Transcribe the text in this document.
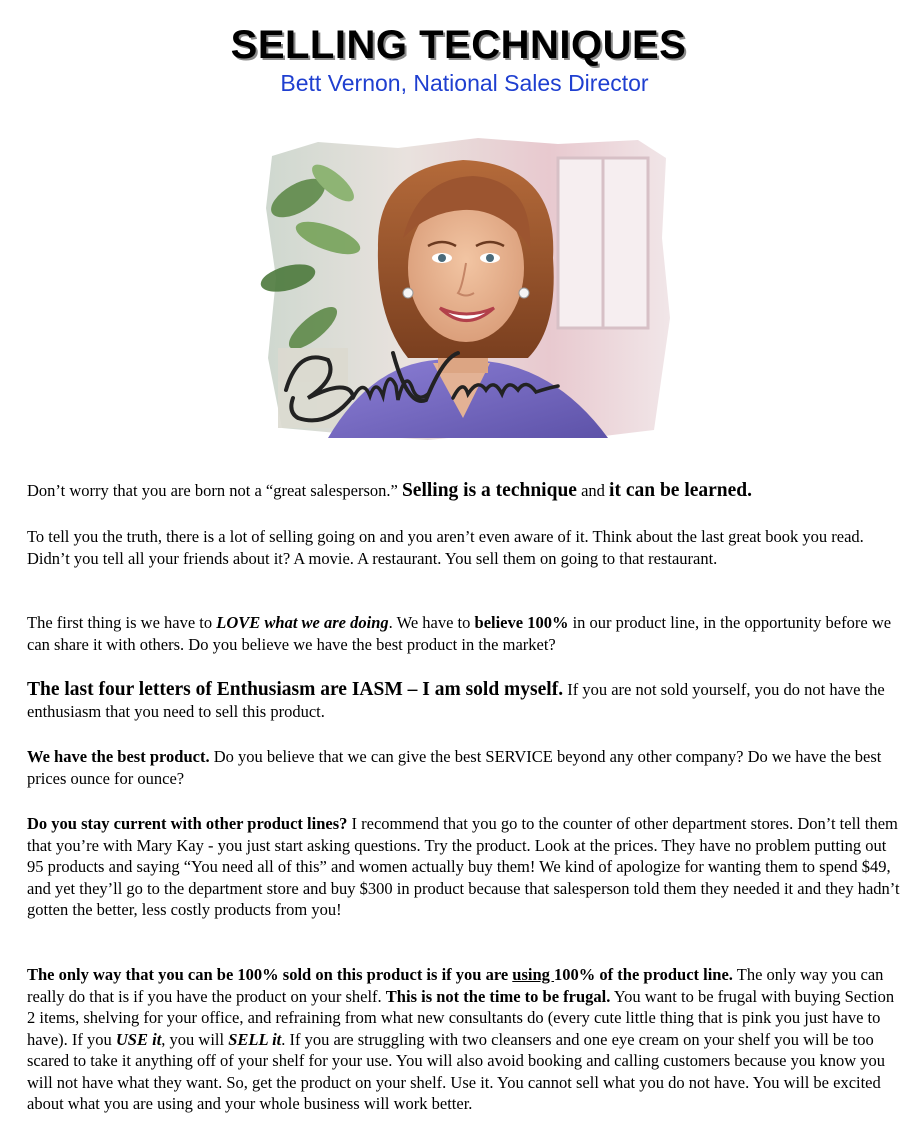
SELLING TECHNIQUES
Bett Vernon, National Sales Director

Don’t worry that you are born not a “great salesperson.” Selling is a technique and it can be learned.

To tell you the truth, there is a lot of selling going on and you aren’t even aware of it. Think about the last great book you read. Didn’t you tell all your friends about it? A movie. A restaurant. You sell them on going to that restaurant.

The first thing is we have to LOVE what we are doing. We have to believe 100% in our product line, in the opportunity before we can share it with others. Do you believe we have the best product in the market?

The last four letters of Enthusiasm are IASM – I am sold myself. If you are not sold yourself, you do not have the enthusiasm that you need to sell this product.

We have the best product. Do you believe that we can give the best SERVICE beyond any other company? Do we have the best prices ounce for ounce?

Do you stay current with other product lines? I recommend that you go to the counter of other department stores. Don’t tell them that you’re with Mary Kay - you just start asking questions. Try the product. Look at the prices. They have no problem putting out 95 products and saying “You need all of this” and women actually buy them! We kind of apologize for wanting them to spend $49, and yet they’ll go to the department store and buy $300 in product because that salesperson told them they needed it and they hadn’t gotten the better, less costly products from you!

The only way that you can be 100% sold on this product is if you are using 100% of the product line. The only way you can really do that is if you have the product on your shelf. This is not the time to be frugal. You want to be frugal with buying Section 2 items, shelving for your office, and refraining from what new consultants do (every cute little thing that is pink you just have to have). If you USE it, you will SELL it. If you are struggling with two cleansers and one eye cream on your shelf you will be too scared to take it anything off of your shelf for your use. You will also avoid booking and calling customers because you know you will not have what they want. So, get the product on your shelf. Use it. You cannot sell what you do not have. You will be excited about what you are using and your whole business will work better.
